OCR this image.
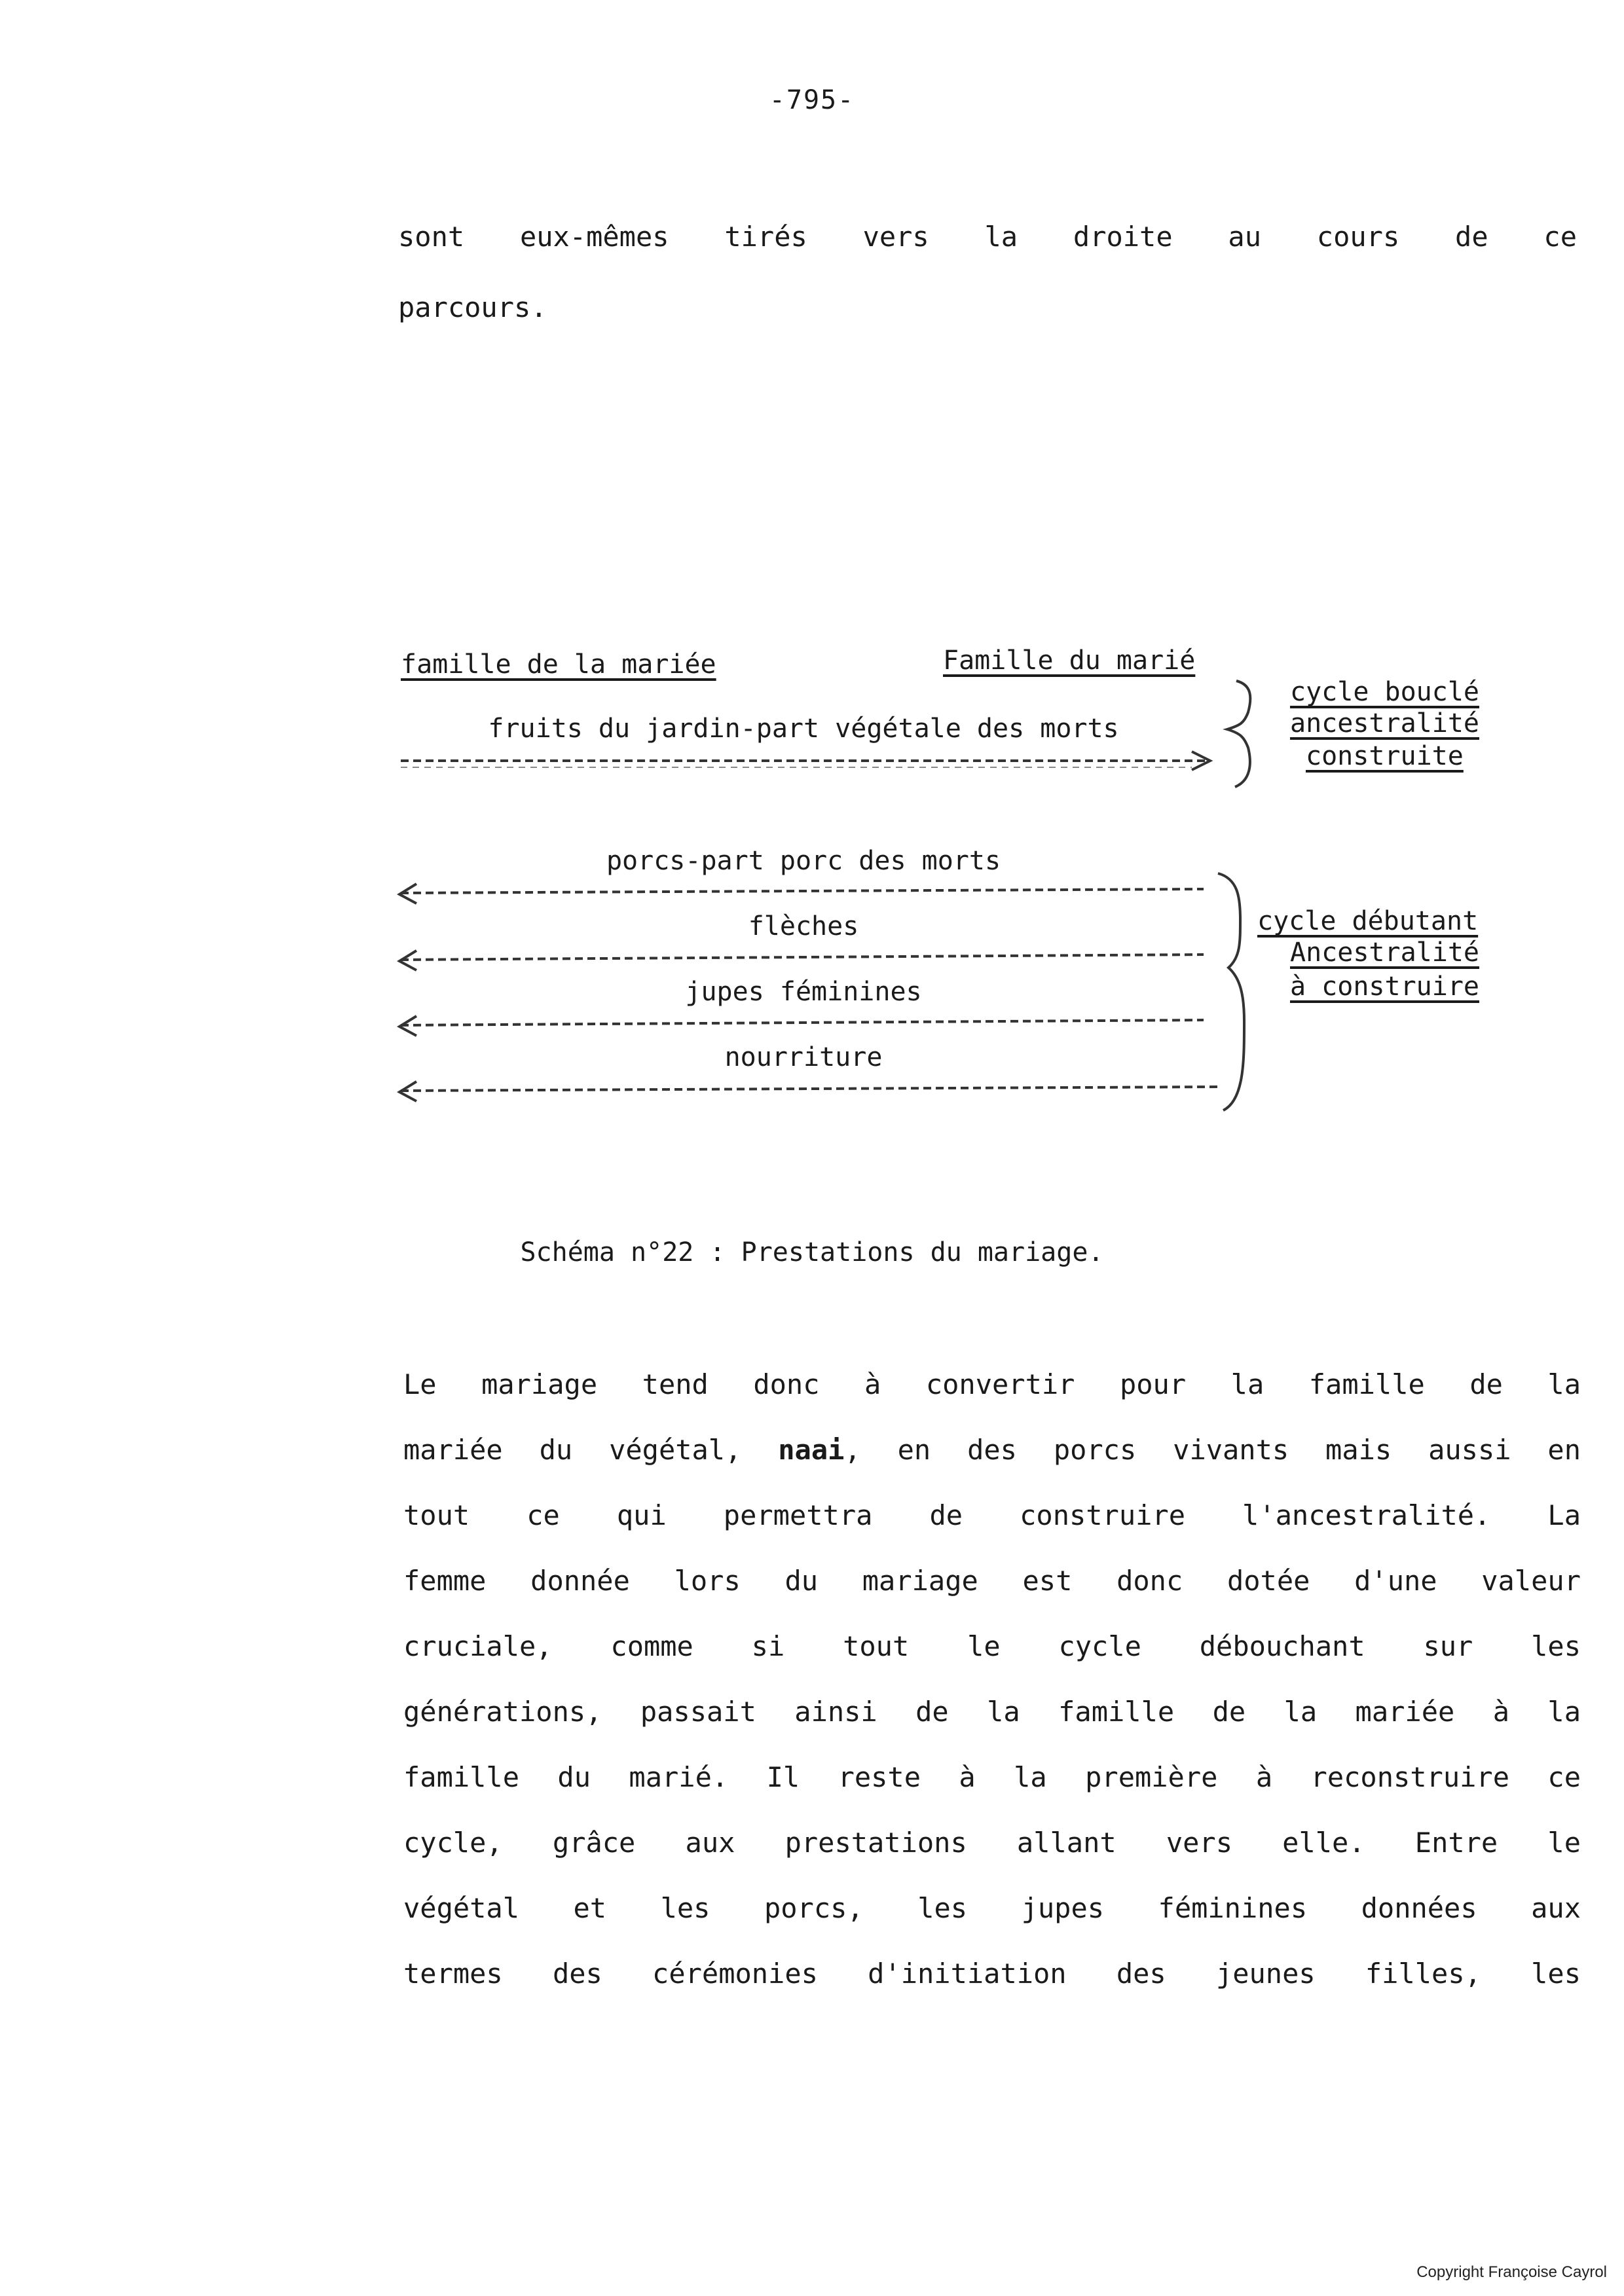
-795-
sont eux-mêmes tirés vers la droite au cours de ce
parcours.
famille de la mariée	Famille du marié
fruits du jardin-part végétale des morts
cycle bouclé
ancestralité
construite
porcs-part porc des morts
flèches
jupes féminines
nourriture
cycle débutant
Ancestralité
à construire
Schéma n°22 : Prestations du mariage.
Le mariage tend donc à convertir pour la famille de la
mariée du végétal, naai, en des porcs vivants mais aussi en
tout ce qui permettra de construire l'ancestralité. La
femme donnée lors du mariage est donc dotée d'une valeur
cruciale, comme si tout le cycle débouchant sur les
générations, passait ainsi de la famille de la mariée à la
famille du marié. Il reste à la première à reconstruire ce
cycle, grâce aux prestations allant vers elle. Entre le
végétal et les porcs, les jupes féminines données aux
termes des cérémonies d'initiation des jeunes filles, les
Copyright Françoise Cayrol
